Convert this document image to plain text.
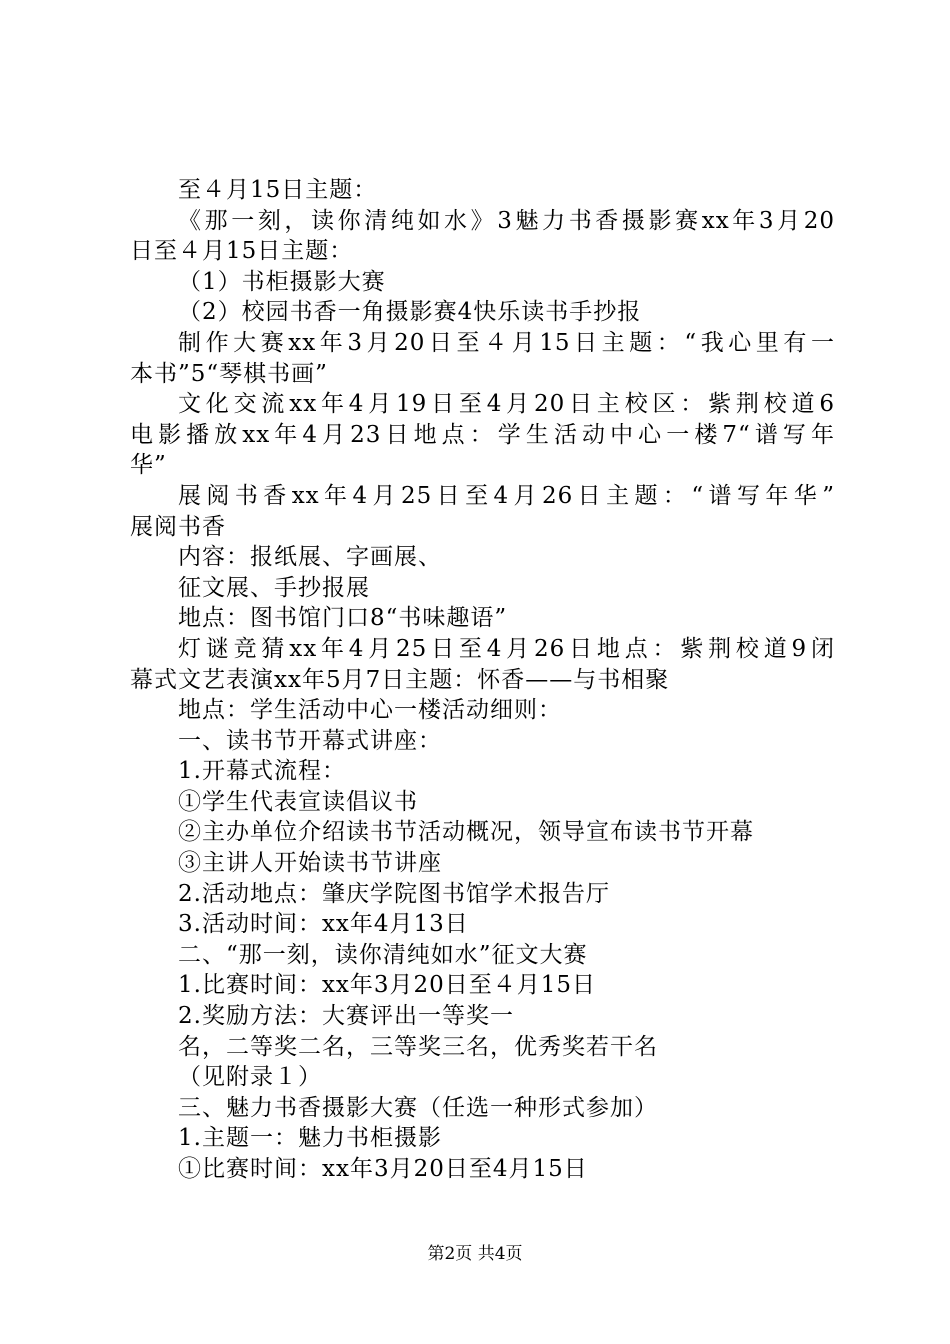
至４月15日主题：
《那一刻，读你清纯如水》3魅力书香摄影赛xx年3月20
日至４月15日主题：
（1）书柜摄影大赛
（2）校园书香一角摄影赛4快乐读书手抄报
制作大赛xx年3月20日至４月15日主题：“我心里有一
本书”5“琴棋书画”
文化交流xx年4月19日至4月20日主校区：紫荆校道6
电影播放xx年4月23日地点：学生活动中心一楼7“谱写年
华”
展阅书香xx年4月25日至4月26日主题：“谱写年华”
展阅书香
内容：报纸展、字画展、
征文展、手抄报展
地点：图书馆门口8“书味趣语”
灯谜竞猜xx年4月25日至4月26日地点：紫荆校道9闭
幕式文艺表演xx年5月7日主题：怀香——与书相聚
地点：学生活动中心一楼活动细则：
一、读书节开幕式讲座：
1.开幕式流程：
①学生代表宣读倡议书
②主办单位介绍读书节活动概况，领导宣布读书节开幕
③主讲人开始读书节讲座
2.活动地点：肇庆学院图书馆学术报告厅
3.活动时间：xx年4月13日
二、“那一刻，读你清纯如水”征文大赛
1.比赛时间：xx年3月20日至４月15日
2.奖励方法：大赛评出一等奖一
名，二等奖二名，三等奖三名，优秀奖若干名
（见附录１）
三、魅力书香摄影大赛（任选一种形式参加）
1.主题一：魅力书柜摄影
①比赛时间：xx年3月20日至4月15日
第2页 共4页
